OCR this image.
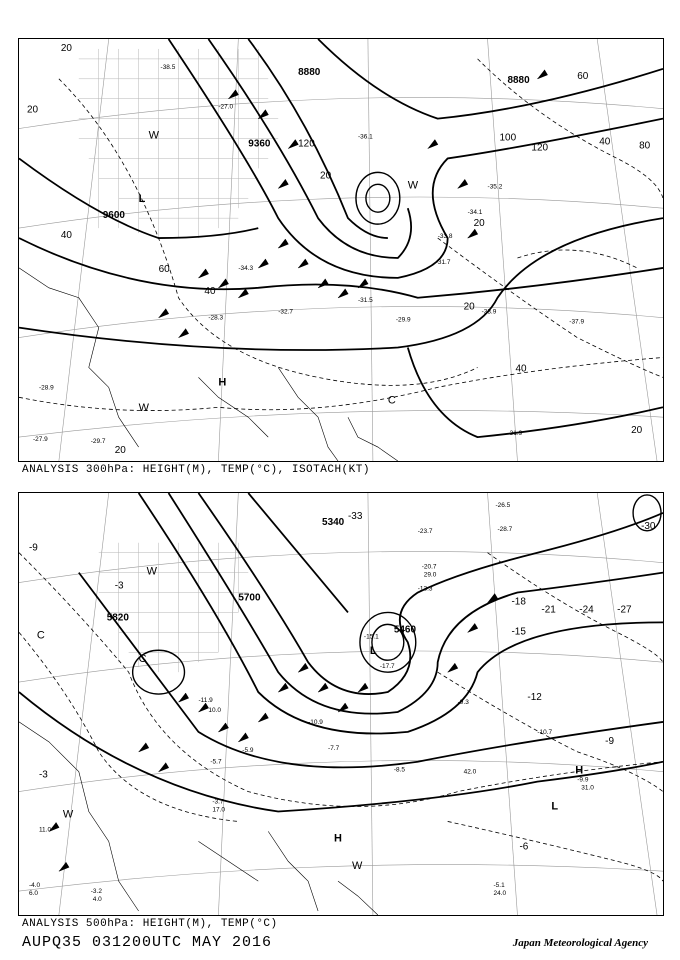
8880
8880
9360
9600
20
20
20
40
40
40
60
60
80
100
120	120
20
20
40
20
20
L
H
W
W
C
W
-38.5
-36.1
-33.8
-34.1
-31.5
-29.9
-28.3
-28.9
-37.9
-33.9
-31.9
-35.2
-34.3
-32.7
-31.7
-29.7
-27.9
-27.0
ANALYSIS 300hPa: HEIGHT(M), TEMP(°C), ISOTACH(KT)
5820
5700
5460
5340
-3
-9
-15
-18
-21 -24 -27
-30
-12
-9
-6
-3
-33
C
W
L
C
H
L
H
W
W
-11.9
-10.9
-15.1
-17.7
-8.5
-5.7
-5.9	-7.7
-9.9
-10.7
-3.7
-3.2
-5.1
-4.0
-9.3
-20.7
-23.7
-26.5
-28.7
-13.3
31.0
24.0
42.0
17.0
6.0
11.0
10.0
29.0
4.0
ANALYSIS 500hPa: HEIGHT(M), TEMP(°C)
AUPQ35 031200UTC MAY 2016	Japan Meteorological Agency
